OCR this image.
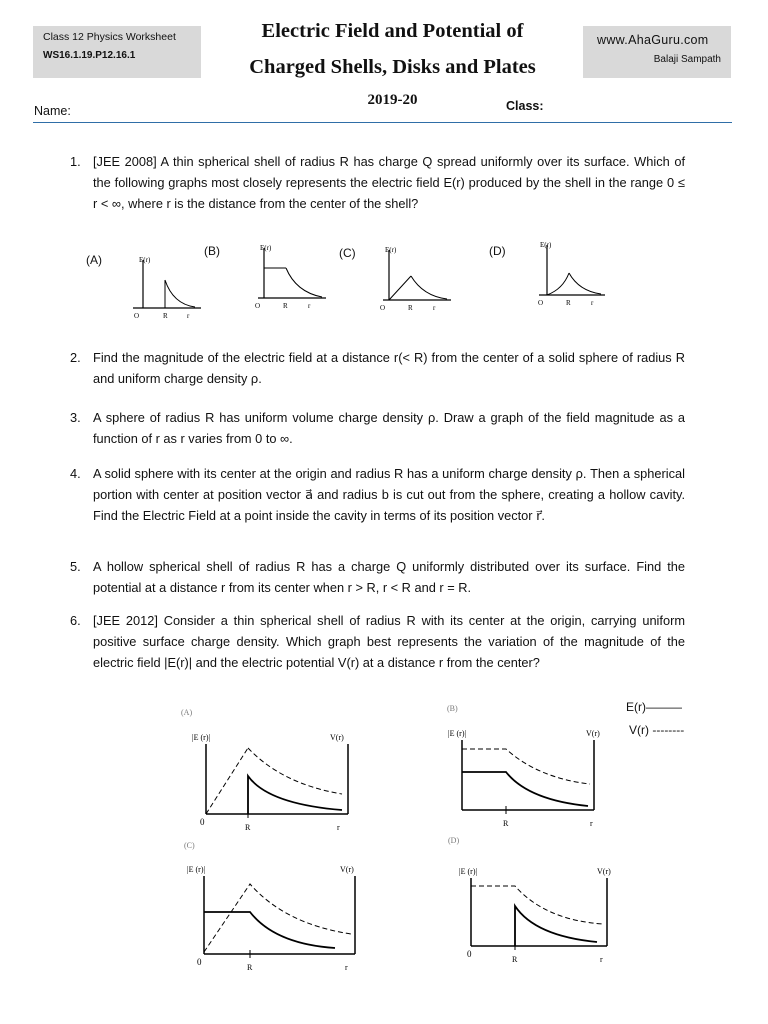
Class 12 Physics Worksheet
WS16.1.19.P12.16.1
www.AhaGuru.com
Balaji Sampath
Electric Field and Potential of
Charged Shells, Disks and Plates
2019-20
Name:	Class:
1. [JEE 2008] A thin spherical shell of radius R has charge Q spread uniformly over its surface. Which of the following graphs most closely represents the electric field E(r) produced by the shell in the range 0 ≤ r < ∞, where r is the distance from the center of the shell?
(A)
(B)	(C)	(D)
E(r)
O	R	r
E(r)
O	R	r
E(r)
O	R	r
E(r)
O	R	r
2. Find the magnitude of the electric field at a distance r(< R) from the center of a solid sphere of radius R and uniform charge density ρ.
3. A sphere of radius R has uniform volume charge density ρ. Draw a graph of the field magnitude as a function of r as r varies from 0 to ∞.
4. A solid sphere with its center at the origin and radius R has a uniform charge density ρ. Then a spherical portion with center at position vector a⃗ and radius b is cut out from the sphere, creating a hollow cavity. Find the Electric Field at a point inside the cavity in terms of its position vector r⃗.
5. A hollow spherical shell of radius R has a charge Q uniformly distributed over its surface. Find the potential at a distance r from its center when r > R, r < R and r = R.
6. [JEE 2012] Consider a thin spherical shell of radius R with its center at the origin, carrying uniform positive surface charge density. Which graph best represents the variation of the magnitude of the electric field |E(r)| and the electric potential V(r) at a distance r from the center?
E(r)———
V(r) --------
(A)
|E (r)|	V(r)
0
R	r
(B)
|E (r)|	V(r)
R	r
(C)
|E (r)|	V(r)
0
R	r
(D)
|E (r)|	V(r)
0
R	r
